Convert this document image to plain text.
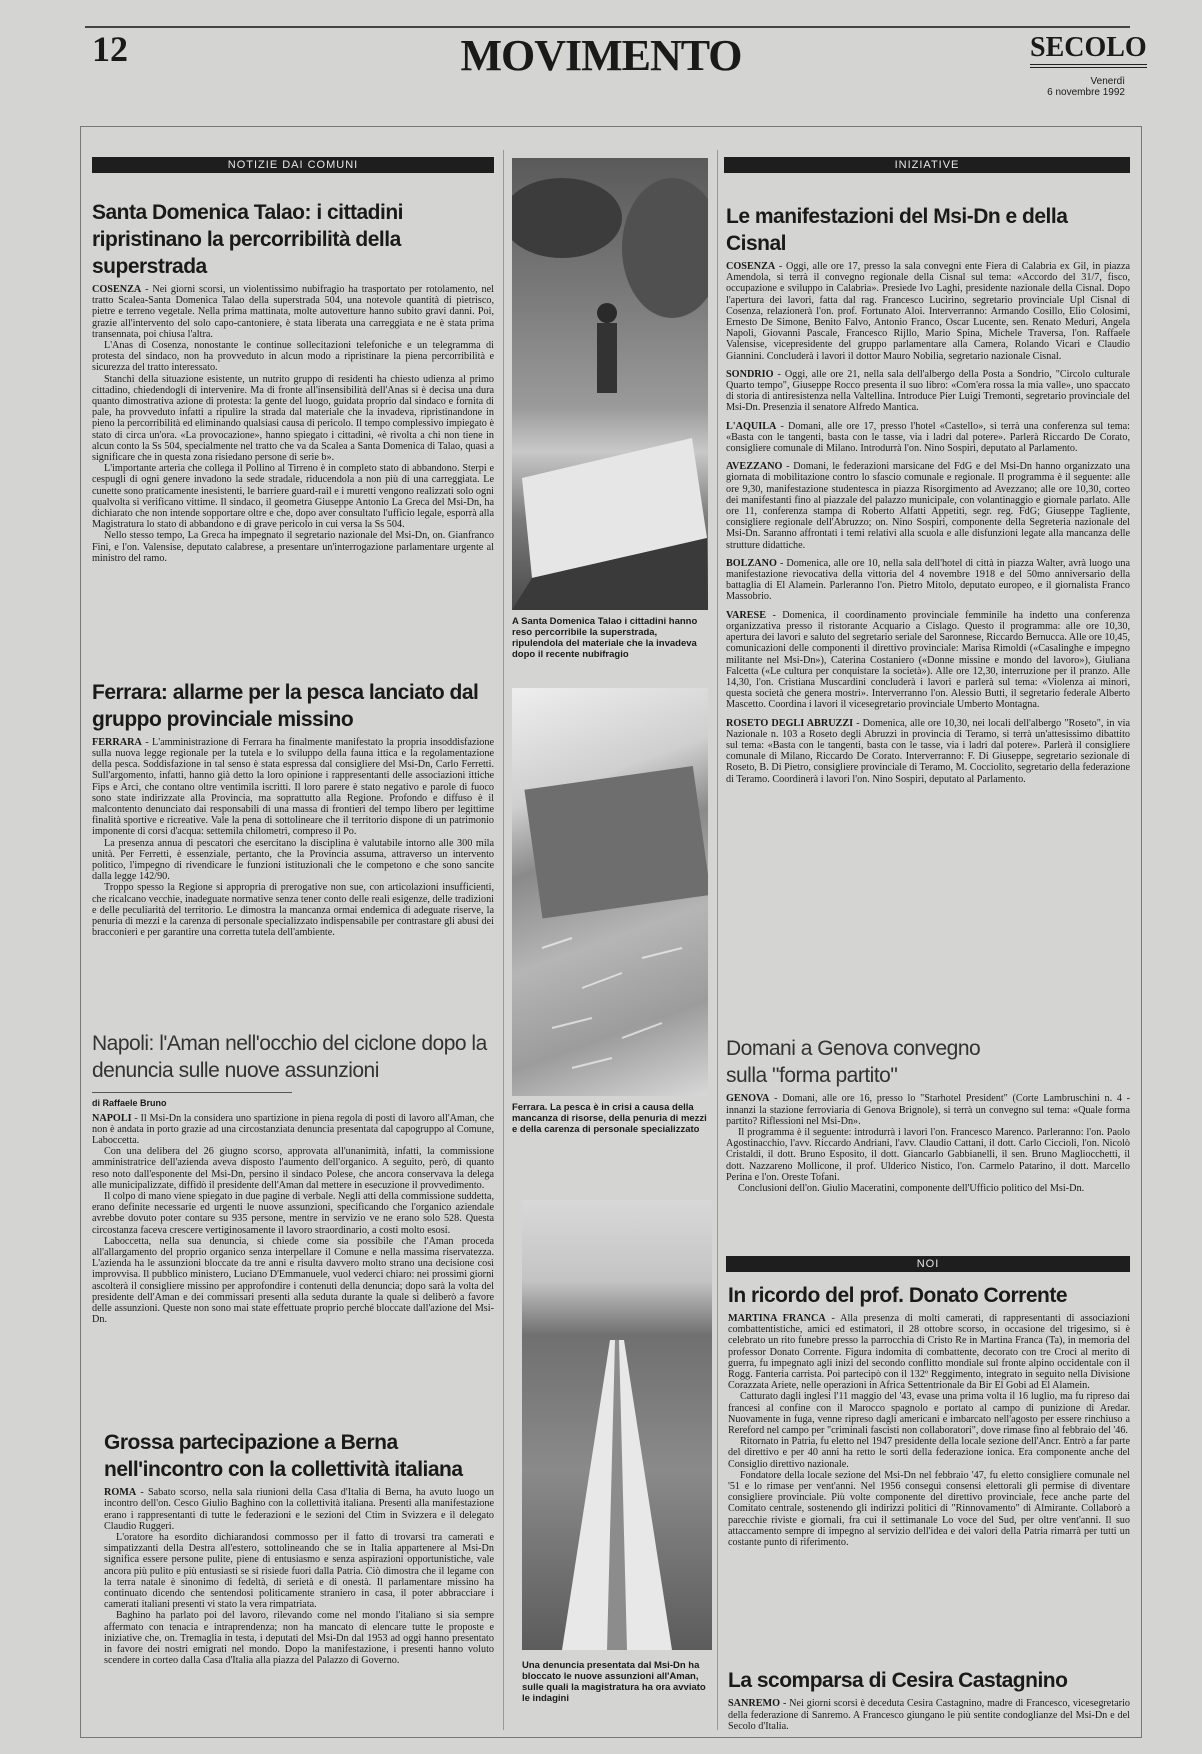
12	MOVIMENTO	SECOLO
Venerdì
6 novembre 1992
NOTIZIE DAI COMUNI
Santa Domenica Talao: i cittadini ripristinano la percorribilità della superstrada

COSENZA - Nei giorni scorsi, un violentissimo nubifragio ha trasportato per rotolamento, nel tratto Scalea-Santa Domenica Talao della superstrada 504, una notevole quantità di pietrisco, pietre e terreno vegetale. Nella prima mattinata, molte autovetture hanno subito gravi danni. Poi, grazie all'intervento del solo capo-cantoniere, è stata liberata una carreggiata e ne è stata prima transennata, poi chiusa l'altra.

L'Anas di Cosenza, nonostante le continue sollecitazioni telefoniche e un telegramma di protesta del sindaco, non ha provveduto in alcun modo a ripristinare la piena percorribilità e sicurezza del tratto interessato.

Stanchi della situazione esistente, un nutrito gruppo di residenti ha chiesto udienza al primo cittadino, chiedendogli di intervenire. Ma di fronte all'insensibilità dell'Anas si è decisa una dura quanto dimostrativa azione di protesta: la gente del luogo, guidata proprio dal sindaco e fornita di pale, ha provveduto infatti a ripulire la strada dal materiale che la invadeva, ripristinandone in pieno la percorribilità ed eliminando qualsiasi causa di pericolo. Il tempo complessivo impiegato è stato di circa un'ora. «La provocazione», hanno spiegato i cittadini, «è rivolta a chi non tiene in alcun conto la Ss 504, specialmente nel tratto che va da Scalea a Santa Domenica di Talao, quasi a significare che in questa zona risiedano persone di serie b».

L'importante arteria che collega il Pollino al Tirreno è in completo stato di abbandono. Sterpi e cespugli di ogni genere invadono la sede stradale, riducendola a non più di una carreggiata. Le cunette sono praticamente inesistenti, le barriere guard-rail e i muretti vengono realizzati solo ogni qualvolta si verificano vittime. Il sindaco, il geometra Giuseppe Antonio La Greca del Msi-Dn, ha dichiarato che non intende sopportare oltre e che, dopo aver consultato l'ufficio legale, esporrà alla Magistratura lo stato di abbandono e di grave pericolo in cui versa la Ss 504.

Nello stesso tempo, La Greca ha impegnato il segretario nazionale del Msi-Dn, on. Gianfranco Fini, e l'on. Valensise, deputato calabrese, a presentare un'interrogazione parlamentare urgente al ministro del ramo.

Ferrara: allarme per la pesca lanciato dal gruppo provinciale missino

FERRARA - L'amministrazione di Ferrara ha finalmente manifestato la propria insoddisfazione sulla nuova legge regionale per la tutela e lo sviluppo della fauna ittica e la regolamentazione della pesca. Soddisfazione in tal senso è stata espressa dal consigliere del Msi-Dn, Carlo Ferretti. Sull'argomento, infatti, hanno già detto la loro opinione i rappresentanti delle associazioni ittiche Fips e Arci, che contano oltre ventimila iscritti. Il loro parere è stato negativo e parole di fuoco sono state indirizzate alla Provincia, ma soprattutto alla Regione. Profondo e diffuso è il malcontento denunciato dai responsabili di una massa di frontieri del tempo libero per legittime finalità sportive e ricreative. Vale la pena di sottolineare che il territorio dispone di un patrimonio imponente di corsi d'acqua: settemila chilometri, compreso il Po.

La presenza annua di pescatori che esercitano la disciplina è valutabile intorno alle 300 mila unità. Per Ferretti, è essenziale, pertanto, che la Provincia assuma, attraverso un intervento politico, l'impegno di rivendicare le funzioni istituzionali che le competono e che sono sancite dalla legge 142/90.

Troppo spesso la Regione si appropria di prerogative non sue, con articolazioni insufficienti, che ricalcano vecchie, inadeguate normative senza tener conto delle reali esigenze, delle tradizioni e delle peculiarità del territorio. Le dimostra la mancanza ormai endemica di adeguate riserve, la penuria di mezzi e la carenza di personale specializzato indispensabile per contrastare gli abusi dei bracconieri e per garantire una corretta tutela dell'ambiente.

Napoli: l'Aman nell'occhio del ciclone dopo la denuncia sulle nuove assunzioni
di Raffaele Bruno

NAPOLI - Il Msi-Dn la considera uno spartizione in piena regola di posti di lavoro all'Aman, che non è andata in porto grazie ad una circostanziata denuncia presentata dal capogruppo al Comune, Laboccetta.

Con una delibera del 26 giugno scorso, approvata all'unanimità, infatti, la commissione amministratrice dell'azienda aveva disposto l'aumento dell'organico. A seguito, però, di quanto reso noto dall'esponente del Msi-Dn, persino il sindaco Polese, che ancora conservava la delega alle municipalizzate, diffidò il presidente dell'Aman dal mettere in esecuzione il provvedimento.

Il colpo di mano viene spiegato in due pagine di verbale. Negli atti della commissione suddetta, erano definite necessarie ed urgenti le nuove assunzioni, specificando che l'organico aziendale avrebbe dovuto poter contare su 935 persone, mentre in servizio ve ne erano solo 528. Questa circostanza faceva crescere vertiginosamente il lavoro straordinario, a costi molto esosi.

Laboccetta, nella sua denuncia, si chiede come sia possibile che l'Aman proceda all'allargamento del proprio organico senza interpellare il Comune e nella massima riservatezza. L'azienda ha le assunzioni bloccate da tre anni e risulta davvero molto strano una decisione così improvvisa. Il pubblico ministero, Luciano D'Emmanuele, vuol vederci chiaro: nei prossimi giorni ascolterà il consigliere missino per approfondire i contenuti della denuncia; dopo sarà la volta del presidente dell'Aman e dei commissari presenti alla seduta durante la quale si deliberò a favore delle assunzioni. Queste non sono mai state effettuate proprio perché bloccate dall'azione del Msi-Dn.

Grossa partecipazione a Berna nell'incontro con la collettività italiana

ROMA - Sabato scorso, nella sala riunioni della Casa d'Italia di Berna, ha avuto luogo un incontro dell'on. Cesco Giulio Baghino con la collettività italiana. Presenti alla manifestazione erano i rappresentanti di tutte le federazioni e le sezioni del Ctim in Svizzera e il delegato Claudio Ruggeri.

L'oratore ha esordito dichiarandosi commosso per il fatto di trovarsi tra camerati e simpatizzanti della Destra all'estero, sottolineando che se in Italia appartenere al Msi-Dn significa essere persone pulite, piene di entusiasmo e senza aspirazioni opportunistiche, vale ancora più pulito e più entusiasti se si risiede fuori dalla Patria. Ciò dimostra che il legame con la terra natale è sinonimo di fedeltà, di serietà e di onestà. Il parlamentare missino ha continuato dicendo che sentendosi politicamente straniero in casa, il poter abbracciare i camerati italiani presenti vi stato la vera rimpatriata.

Baghino ha parlato poi del lavoro, rilevando come nel mondo l'italiano si sia sempre affermato con tenacia e intraprendenza; non ha mancato di elencare tutte le proposte e iniziative che, on. Tremaglia in testa, i deputati del Msi-Dn dal 1953 ad oggi hanno presentato in favore dei nostri emigrati nel mondo. Dopo la manifestazione, i presenti hanno voluto scendere in corteo dalla Casa d'Italia alla piazza del Palazzo di Governo.

A Santa Domenica Talao i cittadini hanno reso percorribile la superstrada, ripulendola del materiale che la invadeva dopo il recente nubifragio
Ferrara. La pesca è in crisi a causa della mancanza di risorse, della penuria di mezzi e della carenza di personale specializzato
Una denuncia presentata dal Msi-Dn ha bloccato le nuove assunzioni all'Aman, sulle quali la magistratura ha ora avviato le indagini
INIZIATIVE
Le manifestazioni del Msi-Dn e della Cisnal

COSENZA - Oggi, alle ore 17, presso la sala convegni ente Fiera di Calabria ex Gil, in piazza Amendola, si terrà il convegno regionale della Cisnal sul tema: «Accordo del 31/7, fisco, occupazione e sviluppo in Calabria». Presiede Ivo Laghi, presidente nazionale della Cisnal. Dopo l'apertura dei lavori, fatta dal rag. Francesco Lucirino, segretario provinciale Upl Cisnal di Cosenza, relazionerà l'on. prof. Fortunato Aloi. Interverranno: Armando Cosillo, Elio Colosimi, Ernesto De Simone, Benito Falvo, Antonio Franco, Oscar Lucente, sen. Renato Meduri, Angela Napoli, Giovanni Pascale, Francesco Rijllo, Mario Spina, Michele Traversa, l'on. Raffaele Valensise, vicepresidente del gruppo parlamentare alla Camera, Rolando Vicari e Claudio Giannini. Concluderà i lavori il dottor Mauro Nobilia, segretario nazionale Cisnal.

SONDRIO - Oggi, alle ore 21, nella sala dell'albergo della Posta a Sondrio, "Circolo culturale Quarto tempo", Giuseppe Rocco presenta il suo libro: «Com'era rossa la mia valle», uno spaccato di storia di antiresistenza nella Valtellina. Introduce Pier Luigi Tremonti, segretario provinciale del Msi-Dn. Presenzia il senatore Alfredo Mantica.

L'AQUILA - Domani, alle ore 17, presso l'hotel «Castello», si terrà una conferenza sul tema: «Basta con le tangenti, basta con le tasse, via i ladri dal potere». Parlerà Riccardo De Corato, consigliere comunale di Milano. Introdurrà l'on. Nino Sospiri, deputato al Parlamento.

AVEZZANO - Domani, le federazioni marsicane del FdG e del Msi-Dn hanno organizzato una giornata di mobilitazione contro lo sfascio comunale e regionale. Il programma è il seguente: alle ore 9,30, manifestazione studentesca in piazza Risorgimento ad Avezzano; alle ore 10,30, corteo dei manifestanti fino al piazzale del palazzo municipale, con volantinaggio e giornale parlato. Alle ore 11, conferenza stampa di Roberto Alfatti Appetiti, segr. reg. FdG; Giuseppe Tagliente, consigliere regionale dell'Abruzzo; on. Nino Sospiri, componente della Segreteria nazionale del Msi-Dn. Saranno affrontati i temi relativi alla scuola e alle disfunzioni legate alla mancanza delle strutture didattiche.

BOLZANO - Domenica, alle ore 10, nella sala dell'hotel di città in piazza Walter, avrà luogo una manifestazione rievocativa della vittoria del 4 novembre 1918 e del 50mo anniversario della battaglia di El Alamein. Parleranno l'on. Pietro Mitolo, deputato europeo, e il giornalista Franco Massobrio.

VARESE - Domenica, il coordinamento provinciale femminile ha indetto una conferenza organizzativa presso il ristorante Acquario a Cislago. Questo il programma: alle ore 10,30, apertura dei lavori e saluto del segretario seriale del Saronnese, Riccardo Bernucca. Alle ore 10,45, comunicazioni delle componenti il direttivo provinciale: Marisa Rimoldi («Casalinghe e impegno militante nel Msi-Dn»), Caterina Costaniero («Donne missine e mondo del lavoro»), Giuliana Falcetta («Le cultura per conquistare la società»). Alle ore 12,30, interruzione per il pranzo. Alle 14,30, l'on. Cristiana Muscardini concluderà i lavori e parlerà sul tema: «Violenza ai minori, questa società che genera mostri». Interverranno l'on. Alessio Butti, il segretario federale Alberto Mascetto. Coordina i lavori il vicesegretario provinciale Umberto Montagna.

ROSETO DEGLI ABRUZZI - Domenica, alle ore 10,30, nei locali dell'albergo "Roseto", in via Nazionale n. 103 a Roseto degli Abruzzi in provincia di Teramo, si terrà un'attesissimo dibattito sul tema: «Basta con le tangenti, basta con le tasse, via i ladri dal potere». Parlerà il consigliere comunale di Milano, Riccardo De Corato. Interverranno: F. Di Giuseppe, segretario sezionale di Roseto, B. Di Pietro, consigliere provinciale di Teramo, M. Cocciolito, segretario della federazione di Teramo. Coordinerà i lavori l'on. Nino Sospiri, deputato al Parlamento.

Domani a Genova convegno sulla "forma partito"

GENOVA - Domani, alle ore 16, presso lo "Starhotel President" (Corte Lambruschini n. 4 - innanzi la stazione ferroviaria di Genova Brignole), si terrà un convegno sul tema: «Quale forma partito? Riflessioni nel Msi-Dn».

Il programma è il seguente: introdurrà i lavori l'on. Francesco Marenco. Parleranno: l'on. Paolo Agostinacchio, l'avv. Riccardo Andriani, l'avv. Claudio Cattani, il dott. Carlo Ciccioli, l'on. Nicolò Cristaldi, il dott. Bruno Esposito, il dott. Giancarlo Gabbianelli, il sen. Bruno Magliocchetti, il dott. Nazzareno Mollicone, il prof. Ulderico Nistico, l'on. Carmelo Patarino, il dott. Marcello Perina e l'on. Oreste Tofani.

Conclusioni dell'on. Giulio Maceratini, componente dell'Ufficio politico del Msi-Dn.

NOI
In ricordo del prof. Donato Corrente

MARTINA FRANCA - Alla presenza di molti camerati, di rappresentanti di associazioni combattentistiche, amici ed estimatori, il 28 ottobre scorso, in occasione del trigesimo, si è celebrato un rito funebre presso la parrocchia di Cristo Re in Martina Franca (Ta), in memoria del professor Donato Corrente. Figura indomita di combattente, decorato con tre Croci al merito di guerra, fu impegnato agli inizi del secondo conflitto mondiale sul fronte alpino occidentale con il Rogg. Fanteria carrista. Poi partecipò con il 132º Reggimento, integrato in seguito nella Divisione Corazzata Ariete, nelle operazioni in Africa Settentrionale da Bir El Gobi ad El Alamein.

Catturato dagli inglesi l'11 maggio del '43, evase una prima volta il 16 luglio, ma fu ripreso dai francesi al confine con il Marocco spagnolo e portato al campo di punizione di Aredar. Nuovamente in fuga, venne ripreso dagli americani e imbarcato nell'agosto per essere rinchiuso a Rereford nel campo per "criminali fascisti non collaboratori", dove rimase fino al febbraio del '46.

Ritornato in Patria, fu eletto nel 1947 presidente della locale sezione dell'Ancr. Entrò a far parte del direttivo e per 40 anni ha retto le sorti della federazione ionica. Era componente anche del Consiglio direttivo nazionale.

Fondatore della locale sezione del Msi-Dn nel febbraio '47, fu eletto consigliere comunale nel '51 e lo rimase per vent'anni. Nel 1956 conseguì consensi elettorali gli permise di diventare consigliere provinciale. Più volte componente del direttivo provinciale, fece anche parte del Comitato centrale, sostenendo gli indirizzi politici di "Rinnovamento" di Almirante. Collaborò a parecchie riviste e giornali, fra cui il settimanale Lo voce del Sud, per oltre vent'anni. Il suo attaccamento sempre di impegno al servizio dell'idea e dei valori della Patria rimarrà per tutti un costante punto di riferimento.

La scomparsa di Cesira Castagnino

SANREMO - Nei giorni scorsi è deceduta Cesira Castagnino, madre di Francesco, vicesegretario della federazione di Sanremo. A Francesco giungano le più sentite condoglianze del Msi-Dn e del Secolo d'Italia.
